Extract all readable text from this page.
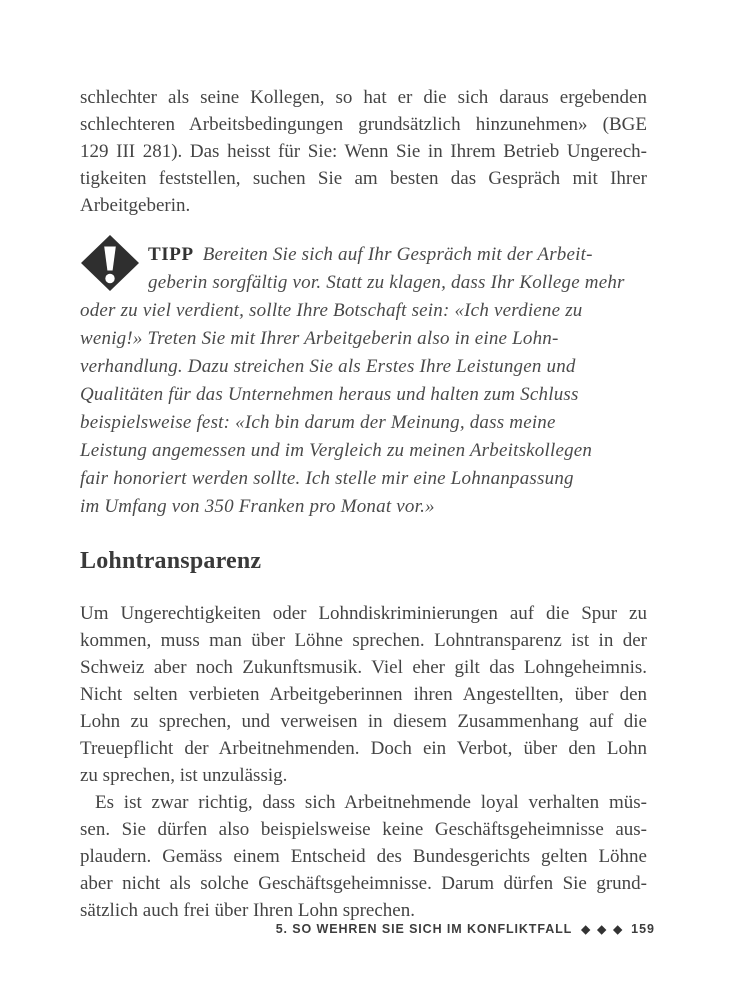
schlechter als seine Kollegen, so hat er die sich daraus ergebenden
schlechteren Arbeitsbedingungen grundsätzlich hinzunehmen» (BGE
129 III 281). Das heisst für Sie: Wenn Sie in Ihrem Betrieb Ungerech-
tigkeiten feststellen, suchen Sie am besten das Gespräch mit Ihrer
Arbeitgeberin.
TIPP Bereiten Sie sich auf Ihr Gespräch mit der Arbeit-
geberin sorgfältig vor. Statt zu klagen, dass Ihr Kollege mehr
oder zu viel verdient, sollte Ihre Botschaft sein: «Ich verdiene zu
wenig!» Treten Sie mit Ihrer Arbeitgeberin also in eine Lohn-
verhandlung. Dazu streichen Sie als Erstes Ihre Leistungen und
Qualitäten für das Unternehmen heraus und halten zum Schluss
beispielsweise fest: «Ich bin darum der Meinung, dass meine
Leistung angemessen und im Vergleich zu meinen Arbeitskollegen
fair honoriert werden sollte. Ich stelle mir eine Lohnanpassung
im Umfang von 350 Franken pro Monat vor.»
Lohntransparenz
Um Ungerechtigkeiten oder Lohndiskriminierungen auf die Spur zu
kommen, muss man über Löhne sprechen. Lohntransparenz ist in der
Schweiz aber noch Zukunftsmusik. Viel eher gilt das Lohngeheimnis.
Nicht selten verbieten Arbeitgeberinnen ihren Angestellten, über den
Lohn zu sprechen, und verweisen in diesem Zusammenhang auf die
Treuepflicht der Arbeitnehmenden. Doch ein Verbot, über den Lohn
zu sprechen, ist unzulässig.
Es ist zwar richtig, dass sich Arbeitnehmende loyal verhalten müs-
sen. Sie dürfen also beispielsweise keine Geschäftsgeheimnisse aus-
plaudern. Gemäss einem Entscheid des Bundesgerichts gelten Löhne
aber nicht als solche Geschäftsgeheimnisse. Darum dürfen Sie grund-
sätzlich auch frei über Ihren Lohn sprechen.
5. SO WEHREN SIE SICH IM KONFLIKTFALL ◆ ◆ ◆ 159
